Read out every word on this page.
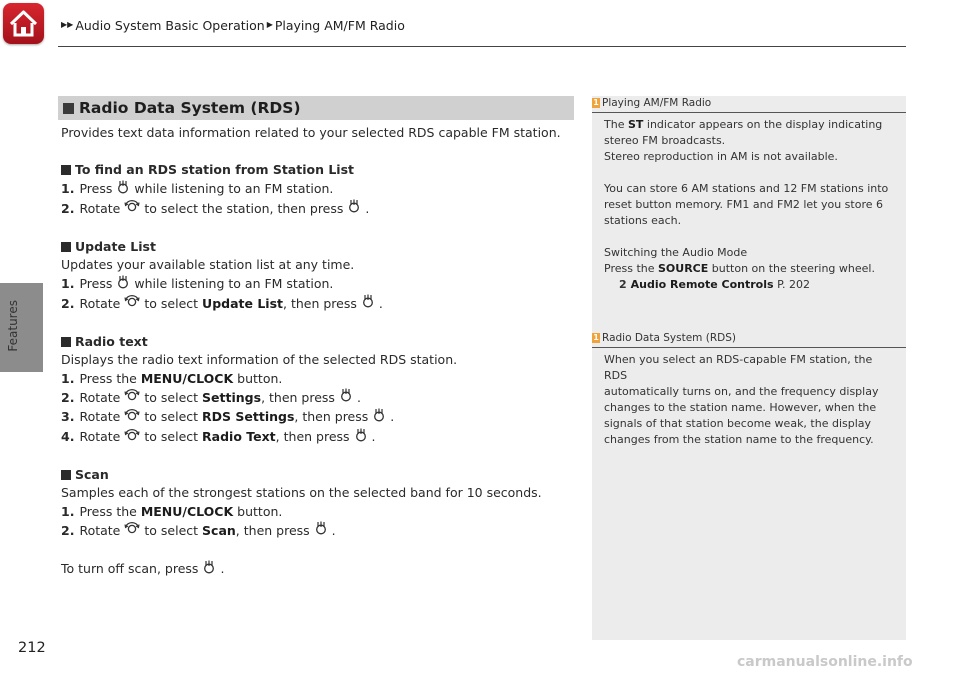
▶▶ Audio System Basic Operation ▶ Playing AM/FM Radio
Features
Radio Data System (RDS)
Provides text data information related to your selected RDS capable FM station.
To find an RDS station from Station List
1. Press while listening to an FM station.
2. Rotate to select the station, then press .
Update List
Updates your available station list at any time.
1. Press while listening to an FM station.
2. Rotate to select
Update List , then press .
Radio text
Displays the radio text information of the selected RDS station.
1. Press the
MENU/CLOCK
button.
2. Rotate to select
Settings , then press .
3. Rotate to select
RDS Settings , then press .
4. Rotate to select
Radio Text , then press .
Scan
Samples each of the strongest stations on the selected band for 10 seconds.
1. Press the
MENU/CLOCK
button.
2. Rotate to select
Scan , then press .
To turn off scan, press .
1 Playing AM/FM Radio
The ST indicator appears on the display indicating
stereo FM broadcasts.
Stereo reproduction in AM is not available.
You can store 6 AM stations and 12 FM stations into
reset button memory. FM1 and FM2 let you store 6
stations each.
Switching the Audio Mode
Press the SOURCE button on the steering wheel.
2 Audio Remote Controls
P. 202
1 Radio Data System (RDS)
When you select an RDS-capable FM station, the RDS
automatically turns on, and the frequency display
changes to the station name. However, when the
signals of that station become weak, the display
changes from the station name to the frequency.
212
carmanualsonline.info
